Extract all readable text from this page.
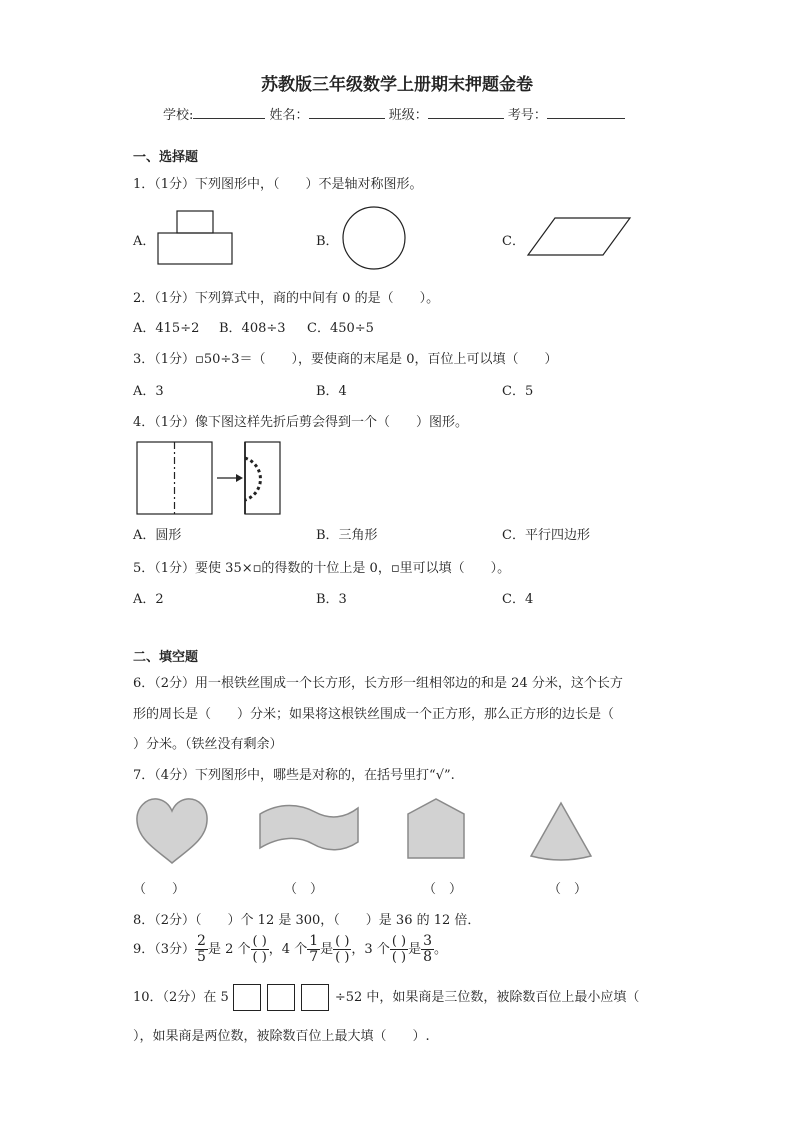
苏教版三年级数学上册期末押题金卷
学校:	姓名：	班级：	考号：
一、选择题
1．（1分）下列图形中，（　　）不是轴对称图形。
A．	B．	C．
2．（1分）下列算式中，商的中间有 0 的是（　　）。
A．415÷2 B．408÷3 C．450÷5
3．（1分）▫50÷3＝（　　），要使商的末尾是 0，百位上可以填（　　）
A．3	B．4	C．5
4．（1分）像下图这样先折后剪会得到一个（　　）图形。
A．圆形	B．三角形	C．平行四边形
5．（1分）要使 35×▫的得数的十位上是 0，▫里可以填（　　）。
A．2	B．3	C．4
二、填空题
6．（2分）用一根铁丝围成一个长方形，长方形一组相邻边的和是 24 分米，这个长方
形的周长是（　　）分米；如果将这根铁丝围成一个正方形，那么正方形的边长是（
）分米。（铁丝没有剩余）
7．（4分）下列图形中，哪些是对称的，在括号里打“√”.
（　　）	（　）	（　）	（　）
8．（2分）（　　）个 12 是 300，（　　）是 36 的 12 倍．
9．（3分） $\frac{2}{5}$ 是 2 个 $\frac{( )}{( )}$ ，4 个 $\frac{1}{7}$ 是 $\frac{( )}{( )}$ ，3 个 $\frac{( )}{( )}$ 是 $\frac{3}{8}$ 。
10．（2分）在 5	÷52 中，如果商是三位数，被除数百位上最小应填（
），如果商是两位数，被除数百位上最大填（　　）.
